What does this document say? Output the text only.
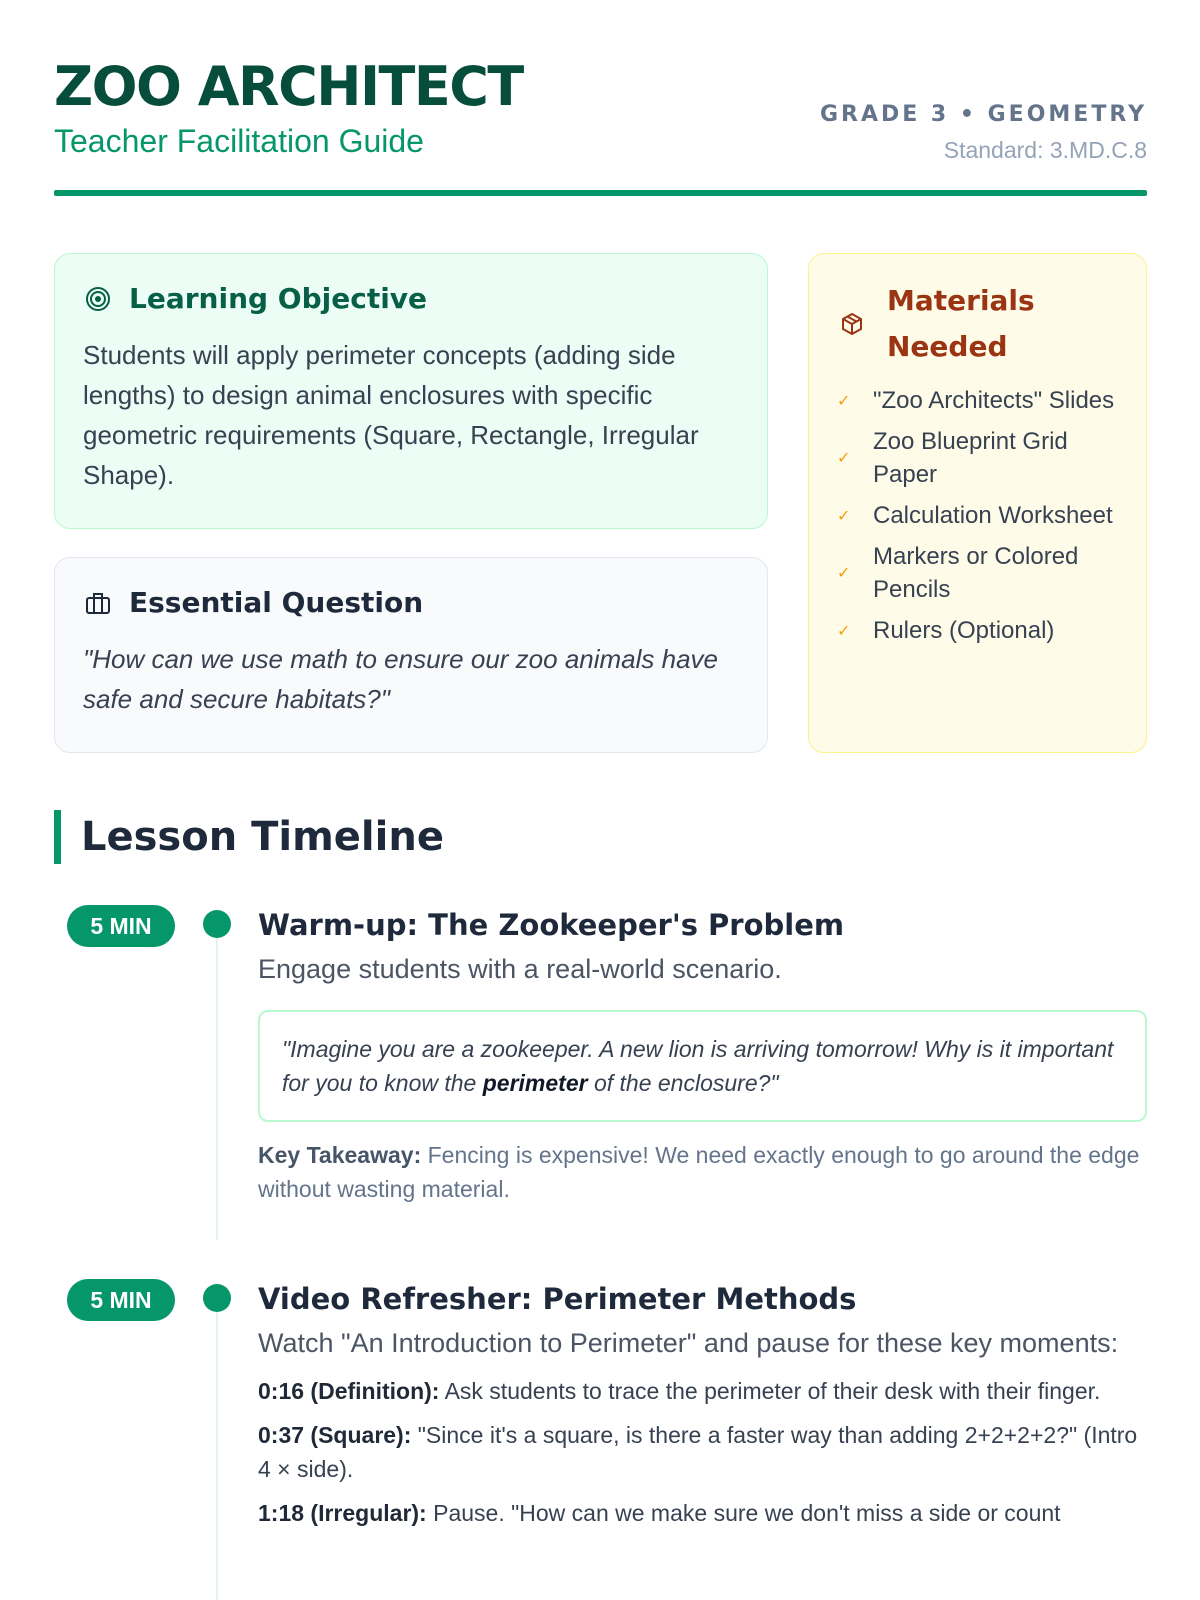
ZOO ARCHITECT
Teacher Facilitation Guide
GRADE 3 • GEOMETRY
Standard: 3.MD.C.8
Learning Objective

Students will apply perimeter concepts (adding side lengths) to design animal enclosures with specific geometric requirements (Square, Rectangle, Irregular Shape).

Essential Question

"How can we use math to ensure our zoo animals have safe and secure habitats?"

Materials Needed
✓ "Zoo Architects" Slides
✓
Zoo Blueprint Grid Paper
✓ Calculation Worksheet
✓
Markers or Colored Pencils
✓ Rulers (Optional)
Lesson Timeline
5 MIN	Warm-up: The Zookeeper's Problem
Engage students with a real-world scenario.
"Imagine you are a zookeeper. A new lion is arriving tomorrow! Why is it important for you to know the perimeter of the enclosure?"
Key Takeaway: Fencing is expensive! We need exactly enough to go around the edge without wasting material.
5 MIN	Video Refresher: Perimeter Methods
Watch "An Introduction to Perimeter" and pause for these key moments:
0:16 (Definition): Ask students to trace the perimeter of their desk with their finger.
0:37 (Square): "Since it's a square, is there a faster way than adding 2+2+2+2?" (Intro 4 × side).
1:18 (Irregular): Pause. "How can we make sure we don't miss a side or count
